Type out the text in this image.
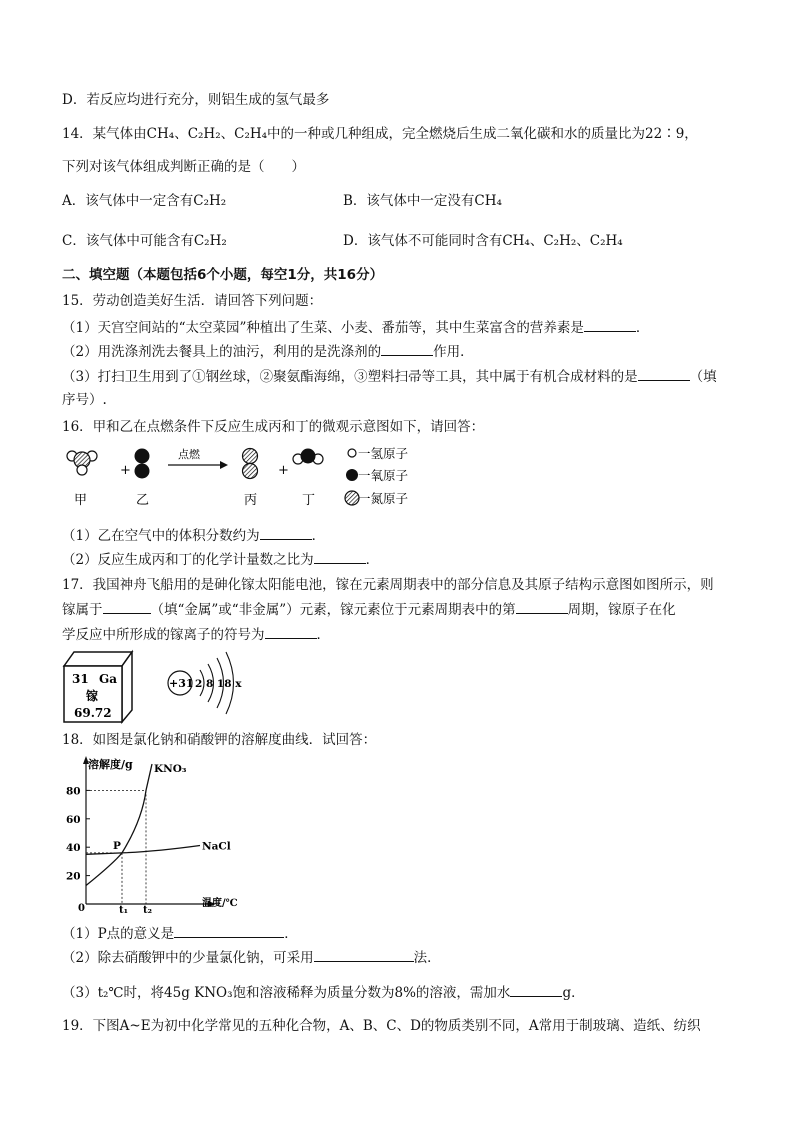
D．若反应均进行充分，则铝生成的氢气最多
14．某气体由CH₄、C₂H₂、C₂H₄中的一种或几种组成，完全燃烧后生成二氧化碳和水的质量比为22∶9，
下列对该气体组成判断正确的是（　　）
A．该气体中一定含有C₂H₂	B．该气体中一定没有CH₄
C．该气体中可能含有C₂H₂	D．该气体不可能同时含有CH₄、C₂H₂、C₂H₄
二、填空题（本题包括6个小题，每空1分，共16分）
15．劳动创造美好生活．请回答下列问题：
（1）天宫空间站的“太空菜园”种植出了生菜、小麦、番茄等，其中生菜富含的营养素是	．
（2）用洗涤剂洗去餐具上的油污，利用的是洗涤剂的	作用．
（3）打扫卫生用到了①钢丝球，②聚氨酯海绵，③塑料扫帚等工具，其中属于有机合成材料的是	（填
序号）.
16．甲和乙在点燃条件下反应生成丙和丁的微观示意图如下，请回答：
+
点燃
+
甲	乙	丙	丁
一氢原子
一氧原子
一氮原子
（1）乙在空气中的体积分数约为	．
（2）反应生成丙和丁的化学计量数之比为	．
17．我国神舟飞船用的是砷化镓太阳能电池，镓在元素周期表中的部分信息及其原子结构示意图如图所示，则
镓属于	（填“金属”或“非金属”）元素，镓元素位于元素周期表中的第	周期，镓原子在化
学反应中所形成的镓离子的符号为	．
31 Ga
镓
69.72
+31 2 8 18 x
18．如图是氯化钠和硝酸钾的溶解度曲线．试回答：
溶解度/g
温度/℃
0
20
40
60
80
t₁ t₂
KNO₃
NaCl
P
（1）P点的意义是	．
（2）除去硝酸钾中的少量氯化钠，可采用	法．
（3）t₂℃时，将45g KNO₃饱和溶液稀释为质量分数为8%的溶液，需加水	g．
19．下图A~E为初中化学常见的五种化合物，A、B、C、D的物质类别不同，A常用于制玻璃、造纸、纺织
